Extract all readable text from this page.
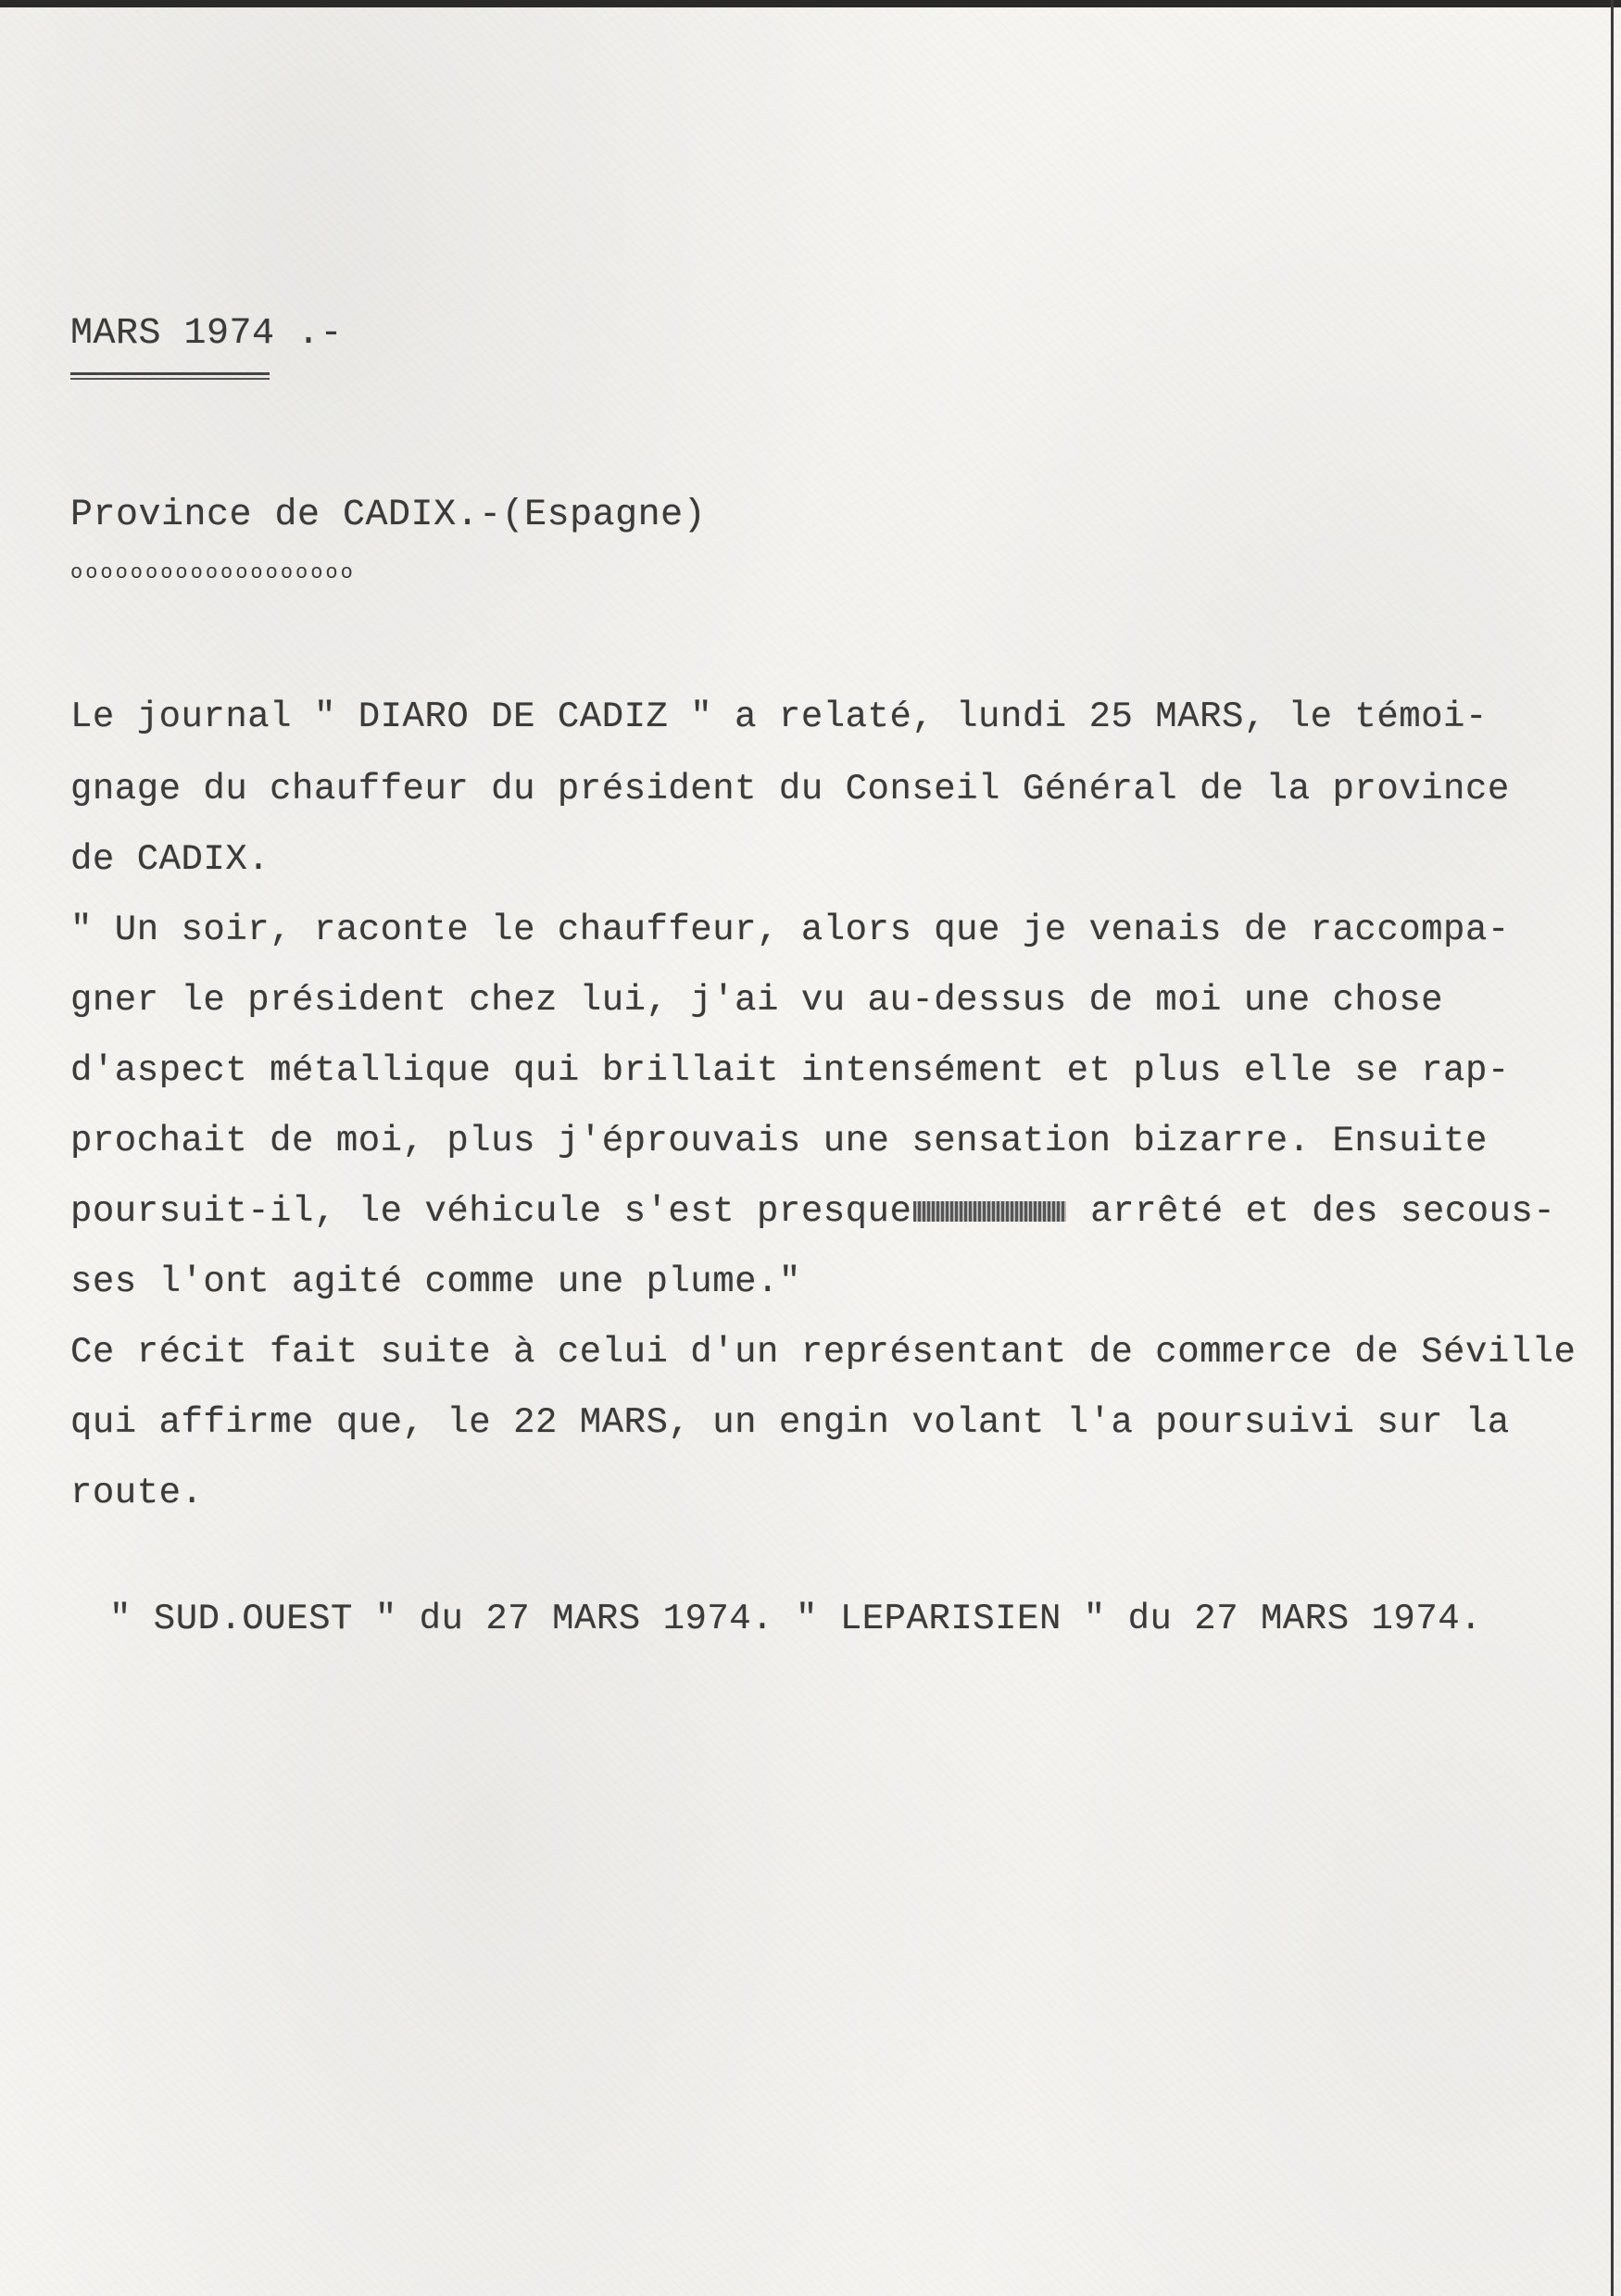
MARS 1974 .-
Province de CADIX.-(Espagne)
ooooooooooooooooooo
Le journal " DIARO DE CADIZ " a relaté, lundi 25 MARS, le témoi-
gnage du chauffeur du président du Conseil Général de la province
de CADIX.
" Un soir, raconte le chauffeur, alors que je venais de raccompa-
gner le président chez lui, j'ai vu au-dessus de moi une chose
d'aspect métallique qui brillait intensément et plus elle se rap-
prochait de moi, plus j'éprouvais une sensation bizarre. Ensuite
poursuit-il, le véhicule s'est presque	arrêté et des secous-
ses l'ont agité comme une plume."
Ce récit fait suite à celui d'un représentant de commerce de Séville
qui affirme que, le 22 MARS, un engin volant l'a poursuivi sur la
route.
" SUD.OUEST " du 27 MARS 1974. " LEPARISIEN " du 27 MARS 1974.
